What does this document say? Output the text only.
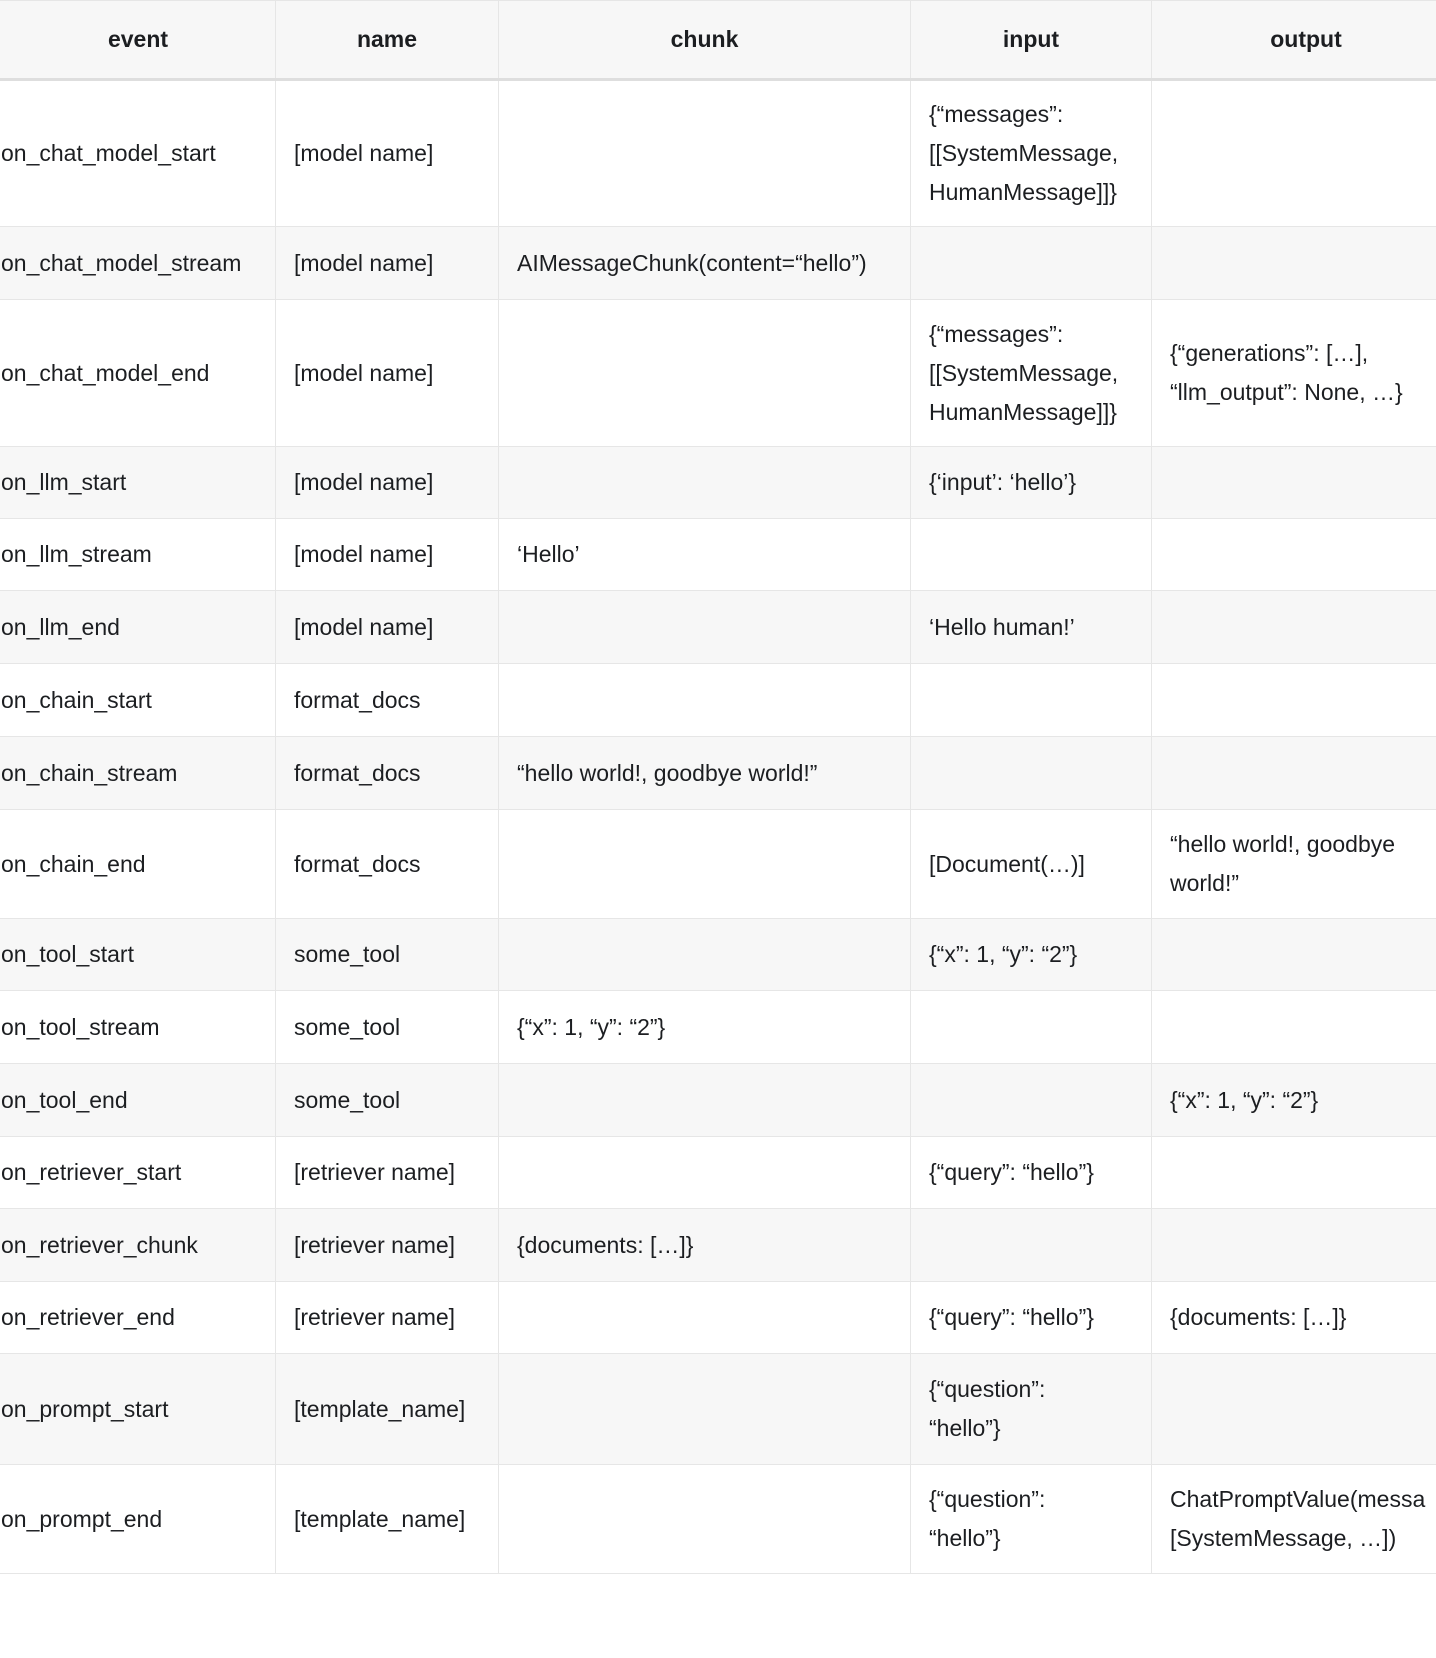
event	name	chunk	input	output
on_chat_model_start	[model name]		{“messages”:
[[SystemMessage,
HumanMessage]]}	
on_chat_model_stream	[model name]	AIMessageChunk(content=“hello”)		
on_chat_model_end	[model name]		{“messages”:
[[SystemMessage,
HumanMessage]]}	{“generations”: […],
“llm_output”: None, …}
on_llm_start	[model name]		{‘input’: ‘hello’}	
on_llm_stream	[model name]	‘Hello’		
on_llm_end	[model name]		‘Hello human!’	
on_chain_start	format_docs			
on_chain_stream	format_docs	“hello world!, goodbye world!”		
on_chain_end	format_docs		[Document(…)]	“hello world!, goodbye
world!”
on_tool_start	some_tool		{“x”: 1, “y”: “2”}	
on_tool_stream	some_tool	{“x”: 1, “y”: “2”}		
on_tool_end	some_tool			{“x”: 1, “y”: “2”}
on_retriever_start	[retriever name]		{“query”: “hello”}	
on_retriever_chunk	[retriever name]	{documents: […]}		
on_retriever_end	[retriever name]		{“query”: “hello”}	{documents: […]}
on_prompt_start	[template_name]		{“question”:
“hello”}	
on_prompt_end	[template_name]		{“question”:
“hello”}	ChatPromptValue(messa
[SystemMessage, …])
